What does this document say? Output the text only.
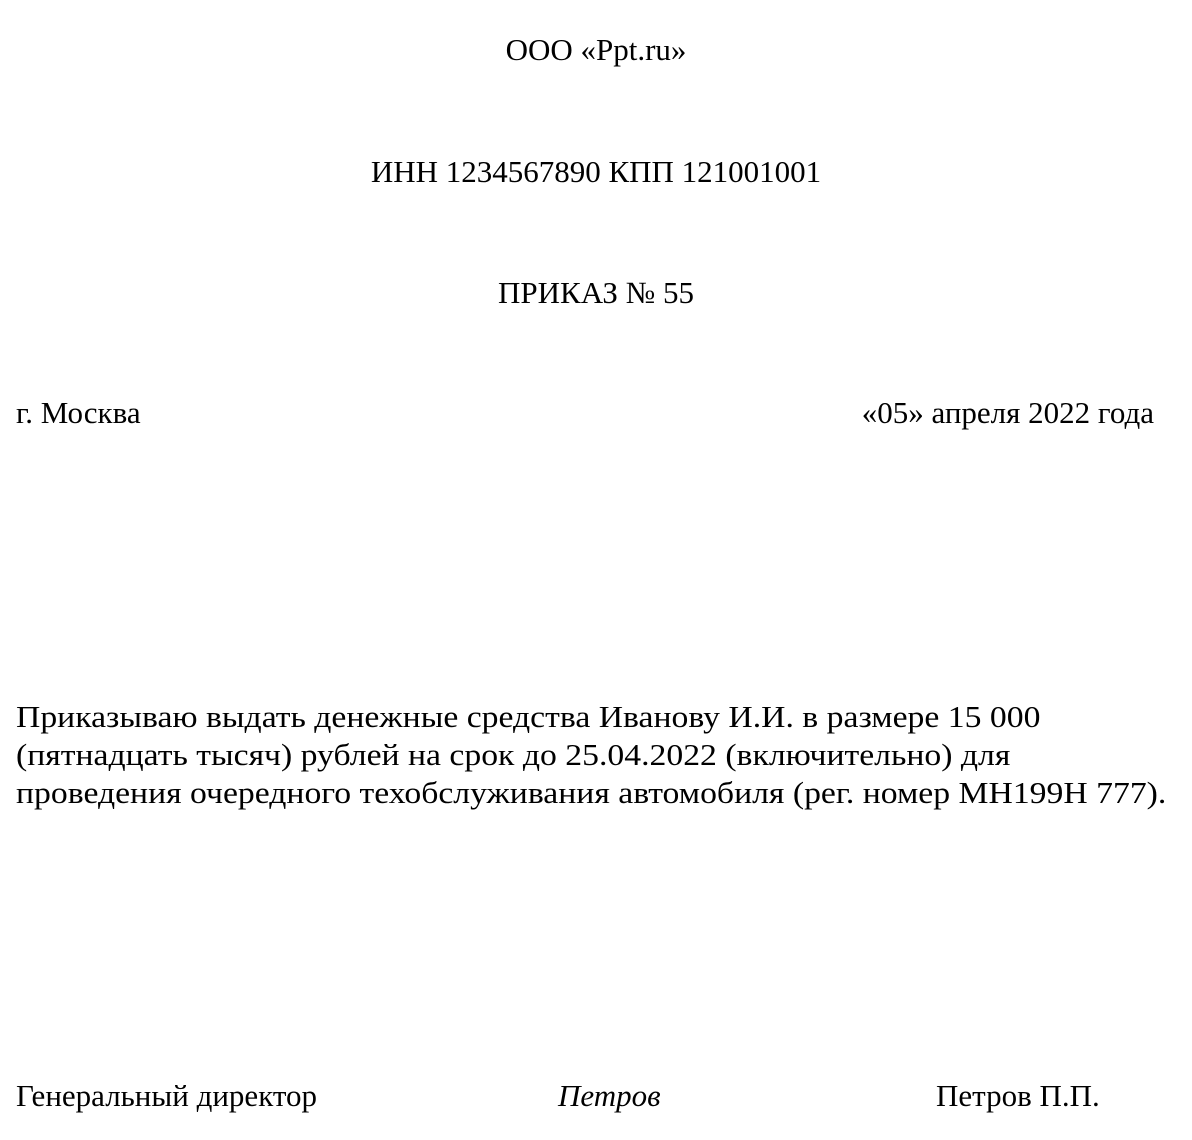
ООО «Ppt.ru»
ИНН 1234567890 КПП 121001001
ПРИКАЗ № 55
г. Москва	«05» апреля 2022 года
Приказываю выдать денежные средства Иванову И.И. в размере 15 000
(пятнадцать тысяч) рублей на срок до 25.04.2022 (включительно) для
проведения очередного техобслуживания автомобиля (рег. номер МН199Н 777).
Генеральный директор	Петров	Петров П.П.
